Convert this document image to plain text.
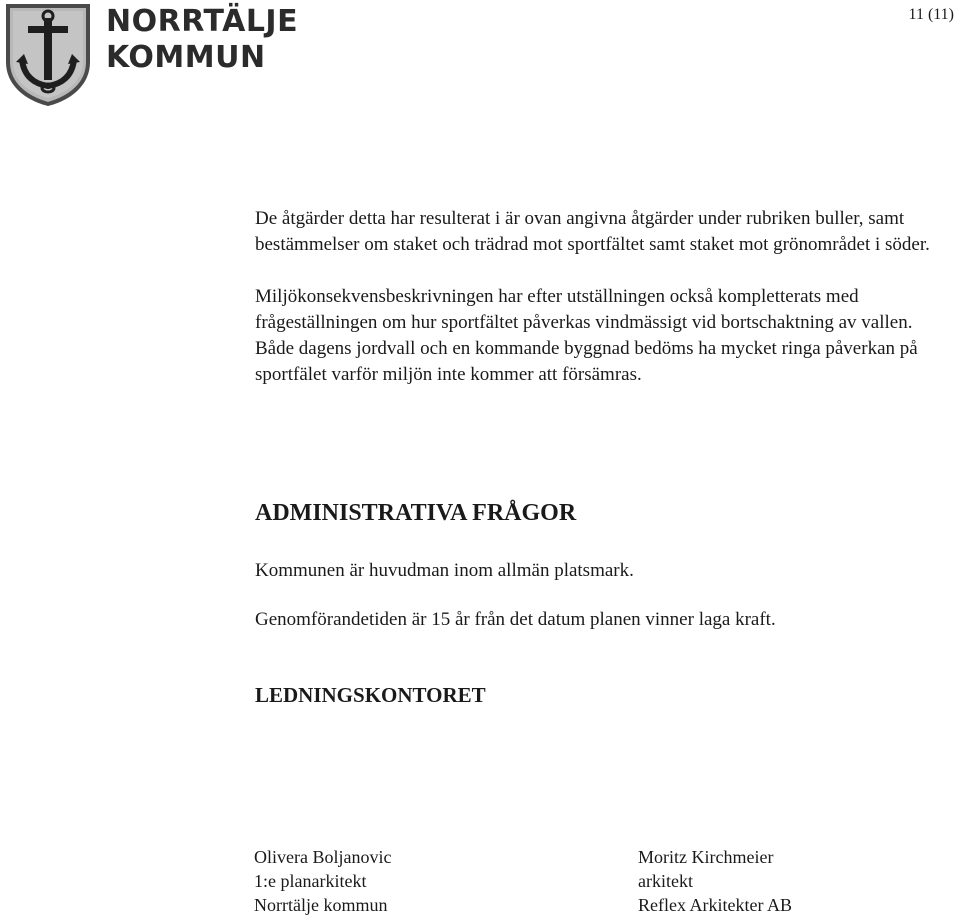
NORRTÄLJE
KOMMUN
11 (11)

De åtgärder detta har resulterat i är ovan angivna åtgärder under rubriken buller, samt bestämmelser om staket och trädrad mot sportfältet samt staket mot grönområdet i söder.

Miljökonsekvensbeskrivningen har efter utställningen också kompletterats med frågeställningen om hur sportfältet påverkas vindmässigt vid bortschaktning av vallen. Både dagens jordvall och en kommande byggnad bedöms ha mycket ringa påverkan på sportfälet varför miljön inte kommer att försämras.

ADMINISTRATIVA FRÅGOR

Kommunen är huvudman inom allmän platsmark.

Genomförandetiden är 15 år från det datum planen vinner laga kraft.

LEDNINGSKONTORET
Olivera Boljanovic
1:e planarkitekt
Norrtälje kommun
Moritz Kirchmeier
arkitekt
Reflex Arkitekter AB
